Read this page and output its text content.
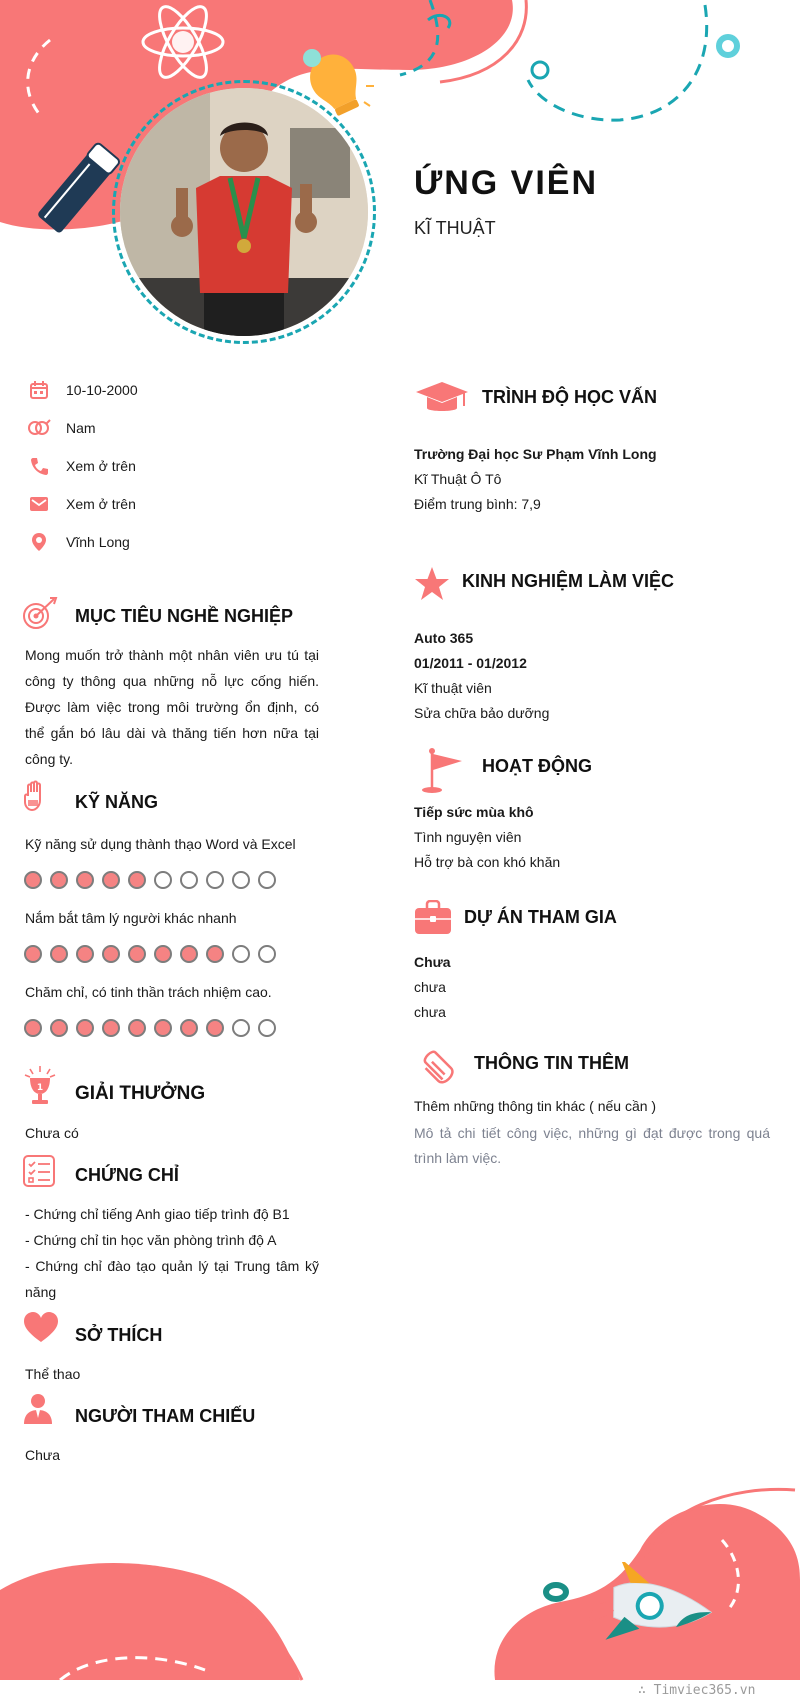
ỨNG VIÊN
KĨ THUẬT
10-10-2000
Nam
Xem ở trên
Xem ở trên
Vĩnh Long
MỤC TIÊU NGHỀ NGHIỆP
Mong muốn trở thành một nhân viên ưu tú tại công ty thông qua những nỗ lực cống hiến. Được làm việc trong môi trường ổn định, có thể gắn bó lâu dài và thăng tiến hơn nữa tại công ty.
KỸ NĂNG
Kỹ năng sử dụng thành thạo Word và Excel
Nắm bắt tâm lý người khác nhanh
Chăm chỉ, có tinh thần trách nhiệm cao.
1 GIẢI THƯỞNG
Chưa có
CHỨNG CHỈ
- Chứng chỉ tiếng Anh giao tiếp trình độ B1
- Chứng chỉ tin học văn phòng trình độ A
- Chứng chỉ đào tạo quản lý tại Trung tâm kỹ năng
SỞ THÍCH
Thể thao
NGƯỜI THAM CHIẾU
Chưa
TRÌNH ĐỘ HỌC VẤN
Trường Đại học Sư Phạm Vĩnh Long
Kĩ Thuật Ô Tô
Điểm trung bình: 7,9
KINH NGHIỆM LÀM VIỆC
Auto 365
01/2011 - 01/2012
Kĩ thuật viên
Sửa chữa bảo dưỡng
HOẠT ĐỘNG
Tiếp sức mùa khô
Tình nguyện viên
Hỗ trợ bà con khó khăn
DỰ ÁN THAM GIA
Chưa
chưa
chưa
THÔNG TIN THÊM
Thêm những thông tin khác ( nếu cần )
Mô tả chi tiết công việc, những gì đạt được trong quá trình làm việc.
∴ Timviec365.vn
